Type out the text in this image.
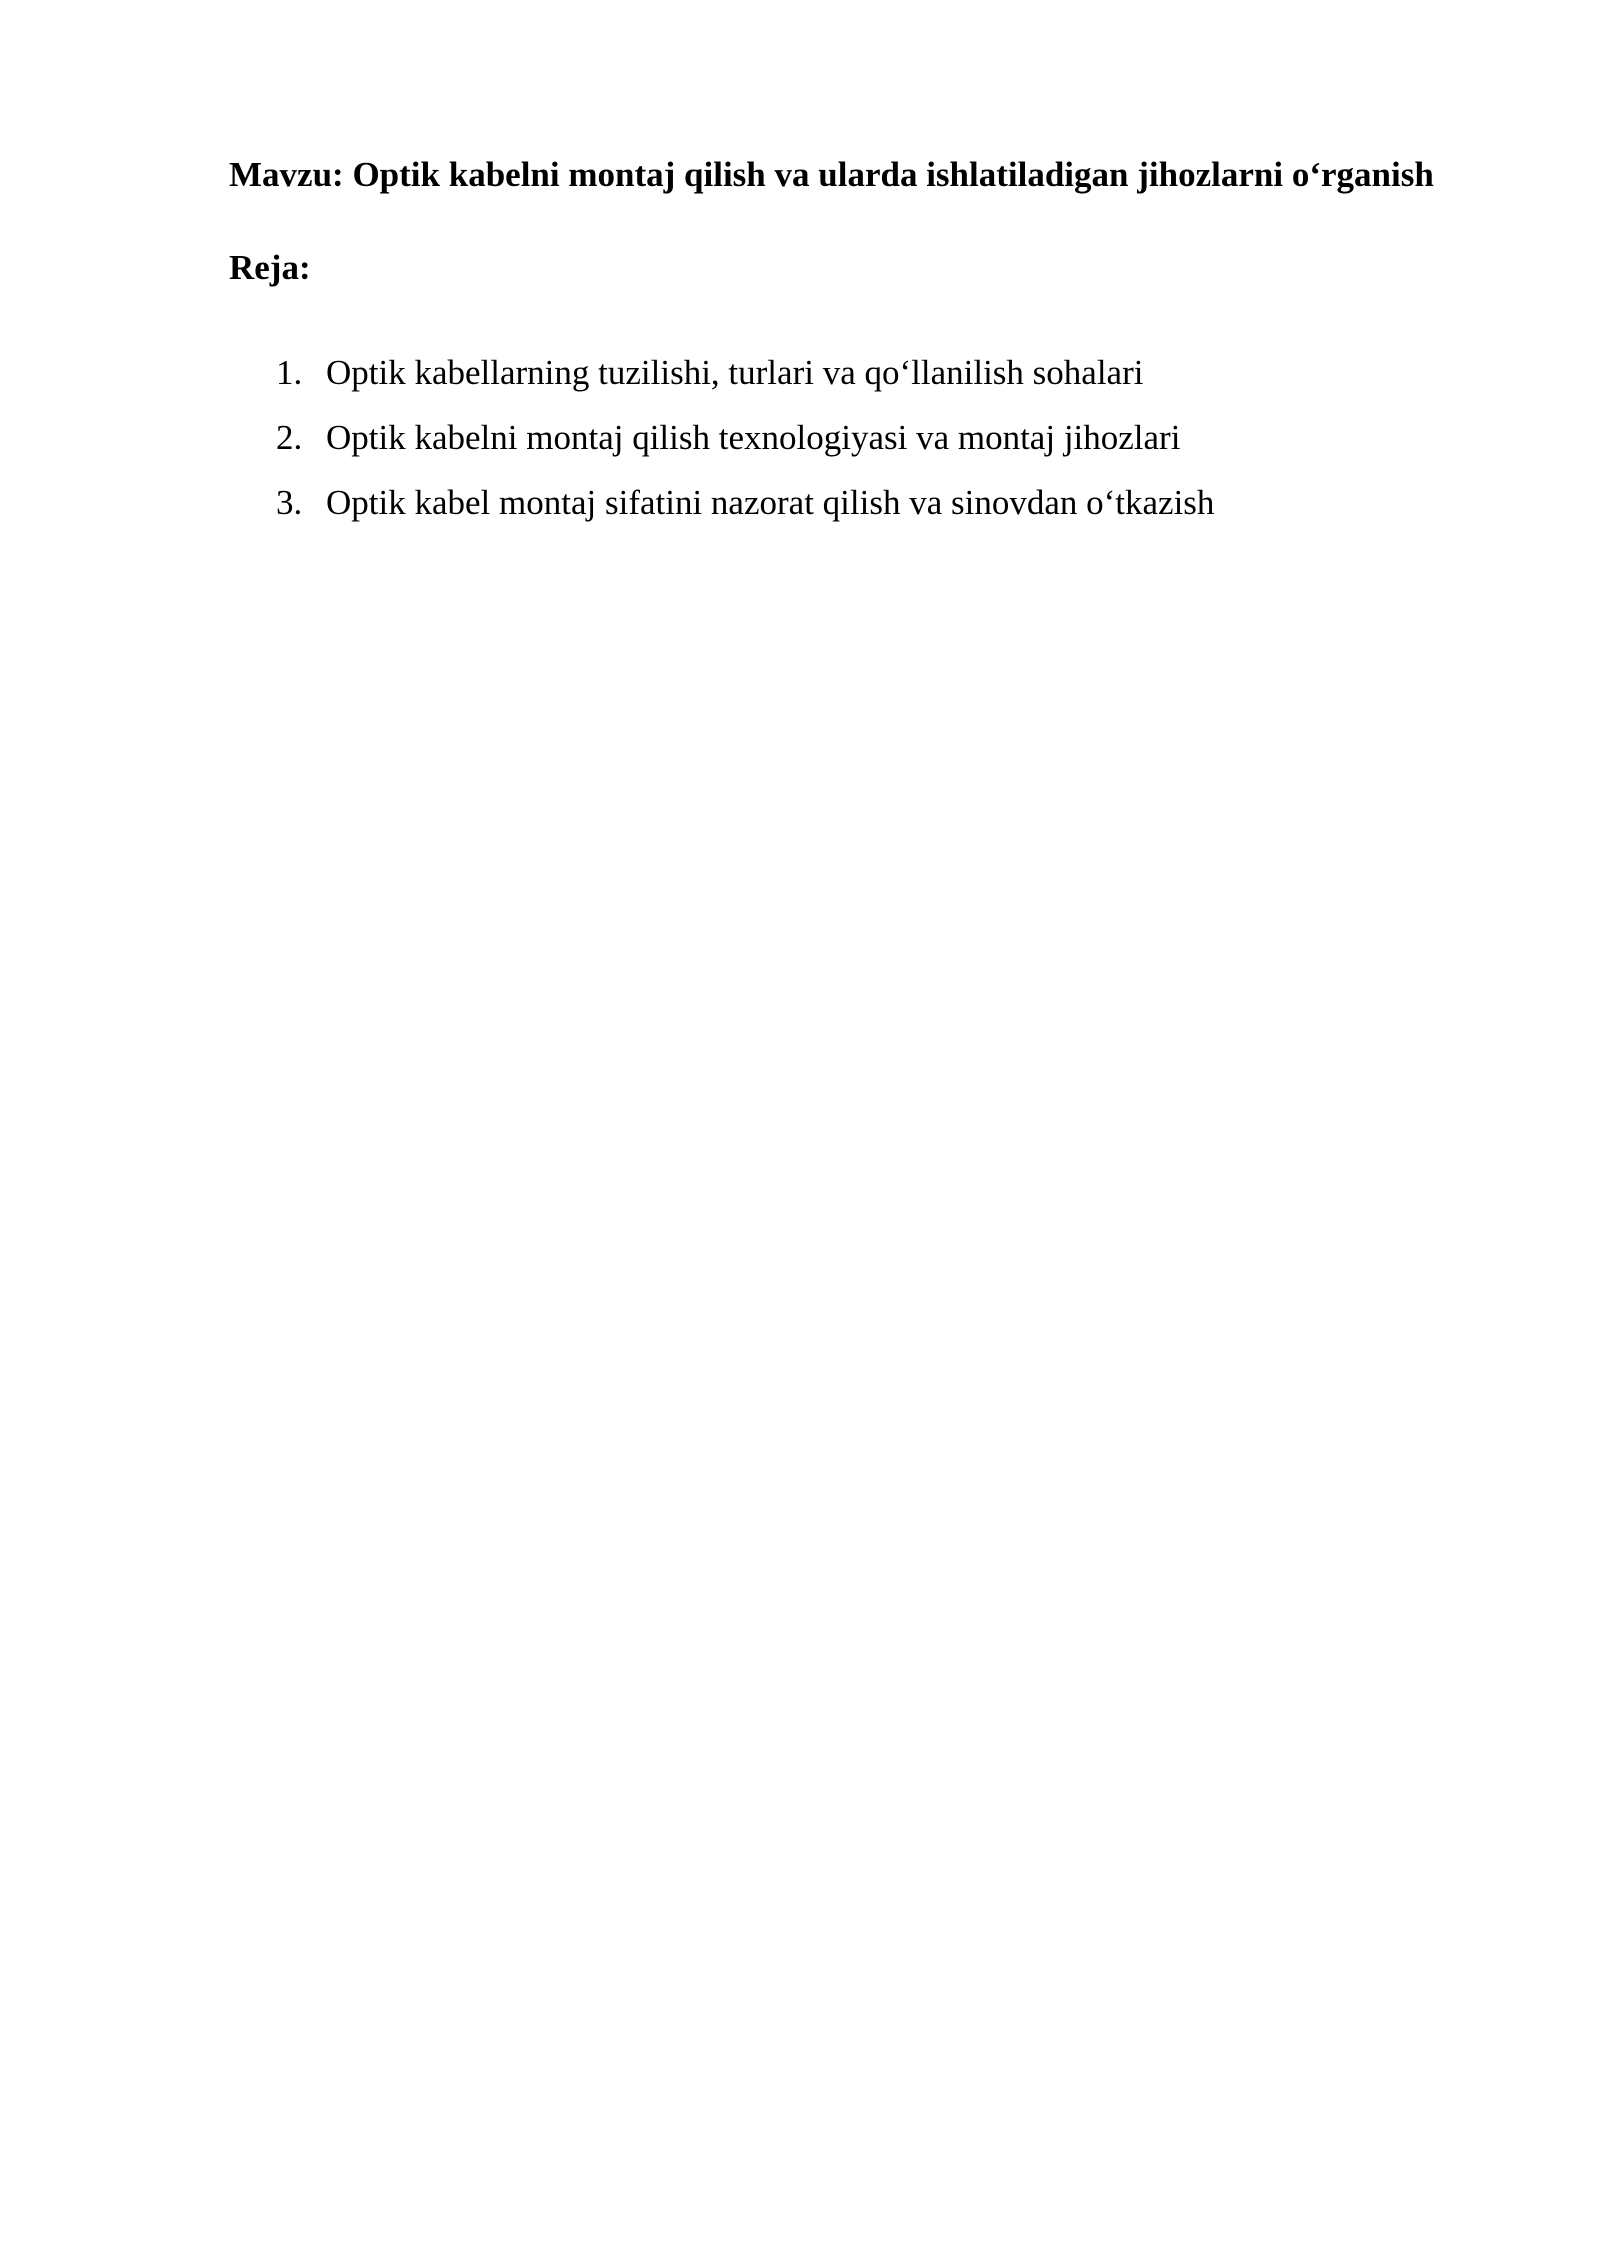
Mavzu: Optik kabelni montaj qilish va ularda ishlatiladigan jihozlarni o‘rganish

Reja:

1. Optik kabellarning tuzilishi, turlari va qo‘llanilish sohalari
2. Optik kabelni montaj qilish texnologiyasi va montaj jihozlari
3. Optik kabel montaj sifatini nazorat qilish va sinovdan o‘tkazish
